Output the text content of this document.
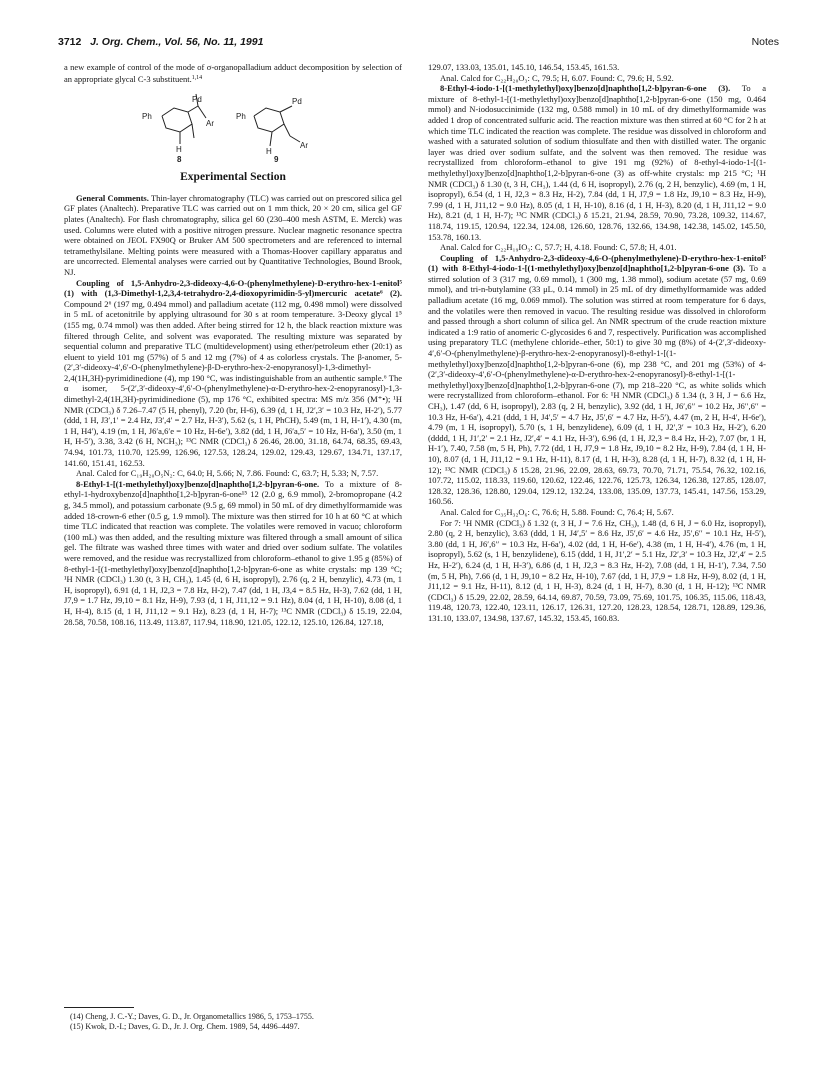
3712 J. Org. Chem., Vol. 56, No. 11, 1991	Notes

a new example of control of the mode of σ-organopalladium adduct decomposition by selection of an appropriate glycal C-3 substituent.$^{1,14}$

Ph
Pd
Ar
H
8
Ph
Pd
Ar
H
9
Experimental Section

General Comments. Thin-layer chromatography (TLC) was carried out on prescored silica gel GF plates (Analtech). Preparative TLC was carried out on 1 mm thick, 20 × 20 cm, silica gel GF plates (Analtech). For flash chromatography, silica gel 60 (230–400 mesh ASTM, E. Merck) was used. Columns were eluted with a positive nitrogen pressure. Nuclear magnetic resonance spectra were obtained on JEOL FX90Q or Bruker AM 500 spectrometers and are referenced to internal tetramethylsilane. Melting points were measured with a Thomas-Hoover capillary apparatus and are uncorrected. Elemental analyses were carried out by Quantitative Technologies, Bound Brook, NJ.

Coupling of 1,5-Anhydro-2,3-dideoxy-4,6-O-(phenylmethylene)-D-erythro-hex-1-enitol⁵ (1) with (1,3-Dimethyl-1,2,3,4-tetrahydro-2,4-dioxopyrimidin-5-yl)mercuric acetate⁶ (2). Compound 2⁶ (197 mg, 0.494 mmol) and palladium acetate (112 mg, 0.498 mmol) were dissolved in 5 mL of acetonitrile by applying ultrasound for 30 s at room temperature. 3-Deoxy glycal 1⁵ (155 mg, 0.74 mmol) was then added. After being stirred for 12 h, the black reaction mixture was filtered through Celite, and solvent was evaporated. The resulting mixture was separated by sequential column and preparative TLC (multidevelopment) using ether/petroleum ether (20:1) as eluent to yield 101 mg (57%) of 5 and 12 mg (7%) of 4 as colorless crystals. The β-anomer, 5-(2′,3′-dideoxy-4′,6′-O-(phenylmethylene)-β-D-erythro-hex-2-enopyranosyl)-1,3-dimethyl-2,4(1H,3H)-pyrimidinedione (4), mp 190 °C, was indistinguishable from an authentic sample.⁶ The α isomer, 5-(2′,3′-dideoxy-4′,6′-O-(phenylmethylene)-α-D-erythro-hex-2-enopyranosyl)-1,3-dimethyl-2,4(1H,3H)-pyrimidinedione (5), mp 176 °C, exhibited spectra: MS m/z 356 (M⁺•); ¹H NMR (CDCl₃) δ 7.26–7.47 (5 H, phenyl), 7.20 (br, H-6), 6.39 (d, 1 H, J2′,3′ = 10.3 Hz, H-2′), 5.77 (ddd, 1 H, J3′,1′ = 2.4 Hz, J3′,4′ = 2.7 Hz, H-3′), 5.62 (s, 1 H, PhCH), 5.49 (m, 1 H, H-1′), 4.30 (m, 1 H, H4′), 4.19 (m, 1 H, J6′a,6′e = 10 Hz, H-6e′), 3.82 (dd, 1 H, J6′a,5′ = 10 Hz, H-6a′), 3.50 (m, 1 H, H-5′), 3.38, 3.42 (6 H, NCH₃); ¹³C NMR (CDCl₃) δ 26.46, 28.00, 31.18, 64.74, 68.35, 69.43, 74.94, 101.73, 110.70, 125.99, 126.96, 127.53, 128.24, 129.02, 129.43, 129.67, 134.71, 137.17, 141.60, 151.41, 162.53.

Anal. Calcd for C₁₉H₂₀O₅N₂: C, 64.0; H, 5.66; N, 7.86. Found: C, 63.7; H, 5.33; N, 7.57.

8-Ethyl-1-[(1-methylethyl)oxy]benzo[d]naphtho[1,2-b]pyran-6-one. To a mixture of 8-ethyl-1-hydroxybenzo[d]naphtho[1,2-b]pyran-6-one¹⁵ 12 (2.0 g, 6.9 mmol), 2-bromopropane (4.2 g, 34.5 mmol), and potassium carbonate (9.5 g, 69 mmol) in 50 mL of dry dimethylformamide was added 18-crown-6 ether (0.5 g, 1.9 mmol). The mixture was then stirred for 10 h at 60 °C at which time TLC indicated that reaction was complete. The volatiles were removed in vacuo; chloroform (100 mL) was then added, and the resulting mixture was filtered through a small amount of silica gel. The filtrate was washed three times with water and dried over sodium sulfate. The volatiles were removed, and the residue was recrystallized from chloroform–ethanol to give 1.95 g (85%) of 8-ethyl-1-[(1-methylethyl)oxy]benzo[d]naphtho[1,2-b]pyran-6-one as white crystals: mp 139 °C; ¹H NMR (CDCl₃) 1.30 (t, 3 H, CH₃), 1.45 (d, 6 H, isopropyl), 2.76 (q, 2 H, benzylic), 4.73 (m, 1 H, isopropyl), 6.91 (d, 1 H, J2,3 = 7.8 Hz, H-2), 7.47 (dd, 1 H, J3,4 = 8.5 Hz, H-3), 7.62 (dd, 1 H, J7,9 = 1.7 Hz, J9,10 = 8.1 Hz, H-9), 7.93 (d, 1 H, J11,12 = 9.1 Hz), 8.04 (d, 1 H, H-10), 8.08 (d, 1 H, H-4), 8.15 (d, 1 H, J11,12 = 9.1 Hz), 8.23 (d, 1 H, H-7); ¹³C NMR (CDCl₃) δ 15.19, 22.04, 28.58, 70.58, 108.16, 113.49, 113.87, 117.94, 118.90, 121.05, 122.12, 125.10, 126.84, 127.18,

(14) Cheng, J. C.-Y.; Daves, G. D., Jr. Organometallics 1986, 5, 1753–1755.
(15) Kwok, D.-I.; Daves, G. D., Jr. J. Org. Chem. 1989, 54, 4496–4497.

129.07, 133.03, 135.01, 145.10, 146.54, 153.45, 161.53.

Anal. Calcd for C₂₂H₂₀O₃: C, 79.5; H, 6.07. Found: C, 79.6; H, 5.92.

8-Ethyl-4-iodo-1-[(1-methylethyl)oxy]benzo[d]naphtho[1,2-b]pyran-6-one (3). To a mixture of 8-ethyl-1-[(1-methylethyl)oxy]benzo[d]naphtho[1,2-b]pyran-6-one (150 mg, 0.464 mmol) and N-iodosuccinimide (132 mg, 0.588 mmol) in 10 mL of dry dimethylformamide was added 1 drop of concentrated sulfuric acid. The reaction mixture was then stirred at 60 °C for 2 h at which time TLC indicated the reaction was complete. The residue was dissolved in chloroform and washed with a saturated solution of sodium thiosulfate and then with distilled water. The organic layer was dried over sodium sulfate, and the solvent was then removed. The residue was recrystallized from chloroform–ethanol to give 191 mg (92%) of 8-ethyl-4-iodo-1-[(1-methylethyl)oxy]benzo[d]naphtho[1,2-b]pyran-6-one (3) as off-white crystals: mp 215 °C; ¹H NMR (CDCl₃) δ 1.30 (t, 3 H, CH₃), 1.44 (d, 6 H, isopropyl), 2.76 (q, 2 H, benzylic), 4.69 (m, 1 H, isopropyl), 6.54 (d, 1 H, J2,3 = 8.3 Hz, H-2), 7.84 (dd, 1 H, J7,9 = 1.8 Hz, J9,10 = 8.3 Hz, H-9), 7.99 (d, 1 H, J11,12 = 9.0 Hz), 8.05 (d, 1 H, H-10), 8.16 (d, 1 H, H-3), 8.20 (d, 1 H, J11,12 = 9.0 Hz), 8.21 (d, 1 H, H-7); ¹³C NMR (CDCl₃) δ 15.21, 21.94, 28.59, 70.90, 73.28, 109.32, 114.67, 118.74, 119.15, 120.94, 122.34, 124.08, 126.60, 128.76, 132.66, 134.98, 142.38, 145.02, 145.50, 153.78, 160.13.

Anal. Calcd for C₂₂H₁₉IO₃: C, 57.7; H, 4.18. Found: C, 57.8; H, 4.01.

Coupling of 1,5-Anhydro-2,3-dideoxy-4,6-O-(phenylmethylene)-D-erythro-hex-1-enitol⁵ (1) with 8-Ethyl-4-iodo-1-[(1-methylethyl)oxy]benzo[d]naphtho[1,2-b]pyran-6-one (3). To a stirred solution of 3 (317 mg, 0.69 mmol), 1 (300 mg, 1.38 mmol), sodium acetate (57 mg, 0.69 mmol), and tri-n-butylamine (33 μL, 0.14 mmol) in 25 mL of dry dimethylformamide was added palladium acetate (16 mg, 0.069 mmol). The solution was stirred at room temperature for 6 days, and the volatiles were then removed in vacuo. The resulting residue was dissolved in chloroform and passed through a short column of silica gel. An NMR spectrum of the crude reaction mixture indicated a 1:9 ratio of anomeric C-glycosides 6 and 7, respectively. Purification was accomplished using preparatory TLC (methylene chloride–ether, 50:1) to give 30 mg (8%) of 4-(2′,3′-dideoxy-4′,6′-O-(phenylmethylene)-β-erythro-hex-2-enopyranosyl)-8-ethyl-1-[(1-methylethyl)oxy]benzo[d]naphtho[1,2-b]pyran-6-one (6), mp 238 °C, and 201 mg (53%) of 4-(2′,3′-dideoxy-4′,6′-O-(phenylmethylene)-α-D-erythro-hex-2-enopyranosyl)-8-ethyl-1-[(1-methylethyl)oxy]benzo[d]naphtho[1,2-b]pyran-6-one (7), mp 218–220 °C, as white solids which were recrystallized from chloroform–ethanol. For 6: ¹H NMR (CDCl₃) δ 1.34 (t, 3 H, J = 6.6 Hz, CH₃), 1.47 (dd, 6 H, isopropyl), 2.83 (q, 2 H, benzylic), 3.92 (dd, 1 H, J6′,6′′ = 10.2 Hz, J6′′,6′′ = 10.3 Hz, H-6a′), 4.21 (ddd, 1 H, J4′,5′ = 4.7 Hz, J5′,6′ = 4.7 Hz, H-5′), 4.47 (m, 2 H, H-4′, H-6e′), 4.79 (m, 1 H, isopropyl), 5.70 (s, 1 H, benzylidene), 6.09 (d, 1 H, J2′,3′ = 10.3 Hz, H-2′), 6.20 (dddd, 1 H, J1′,2′ = 2.1 Hz, J2′,4′ = 4.1 Hz, H-3′), 6.96 (d, 1 H, J2,3 = 8.4 Hz, H-2), 7.07 (br, 1 H, H-1′), 7.40, 7.58 (m, 5 H, Ph), 7.72 (dd, 1 H, J7,9 = 1.8 Hz, J9,10 = 8.2 Hz, H-9), 7.84 (d, 1 H, H-10), 8.07 (d, 1 H, J11,12 = 9.1 Hz, H-11), 8.17 (d, 1 H, H-3), 8.28 (d, 1 H, H-7), 8.32 (d, 1 H, H-12); ¹³C NMR (CDCl₃) δ 15.28, 21.96, 22.09, 28.63, 69.73, 70.70, 71.71, 75.54, 76.32, 102.16, 107.72, 115.02, 118.33, 119.60, 120.62, 122.46, 122.76, 125.73, 126.34, 126.38, 127.85, 128.07, 128.32, 128.36, 128.80, 129.04, 129.12, 132.24, 133.08, 135.09, 137.73, 145.41, 147.56, 153.29, 160.56.

Anal. Calcd for C₃₅H₃₂O₆: C, 76.6; H, 5.88. Found: C, 76.4; H, 5.67.

For 7: ¹H NMR (CDCl₃) δ 1.32 (t, 3 H, J = 7.6 Hz, CH₃), 1.48 (d, 6 H, J = 6.0 Hz, isopropyl), 2.80 (q, 2 H, benzylic), 3.63 (ddd, 1 H, J4′,5′ = 8.6 Hz, J5′,6′ = 4.6 Hz, J5′,6′′ = 10.1 Hz, H-5′), 3.80 (dd, 1 H, J6′,6′′ = 10.3 Hz, H-6a′), 4.02 (dd, 1 H, H-6e′), 4.38 (m, 1 H, H-4′), 4.76 (m, 1 H, isopropyl), 5.62 (s, 1 H, benzylidene), 6.15 (ddd, 1 H, J1′,2′ = 5.1 Hz, J2′,3′ = 10.3 Hz, J2′,4′ = 2.5 Hz, H-2′), 6.24 (d, 1 H, H-3′), 6.86 (d, 1 H, J2,3 = 8.3 Hz, H-2), 7.08 (dd, 1 H, H-1′), 7.34, 7.50 (m, 5 H, Ph), 7.66 (d, 1 H, J9,10 = 8.2 Hz, H-10), 7.67 (dd, 1 H, J7,9 = 1.8 Hz, H-9), 8.02 (d, 1 H, J11,12 = 9.1 Hz, H-11), 8.12 (d, 1 H, H-3), 8.24 (d, 1 H, H-7), 8.30 (d, 1 H, H-12); ¹³C NMR (CDCl₃) δ 15.29, 22.02, 28.59, 64.14, 69.87, 70.59, 73.09, 75.69, 101.75, 106.35, 115.06, 118.43, 119.48, 120.73, 122.40, 123.11, 126.17, 126.31, 127.20, 128.23, 128.54, 128.71, 128.89, 129.36, 131.10, 133.07, 134.98, 137.67, 145.32, 153.45, 160.83.
